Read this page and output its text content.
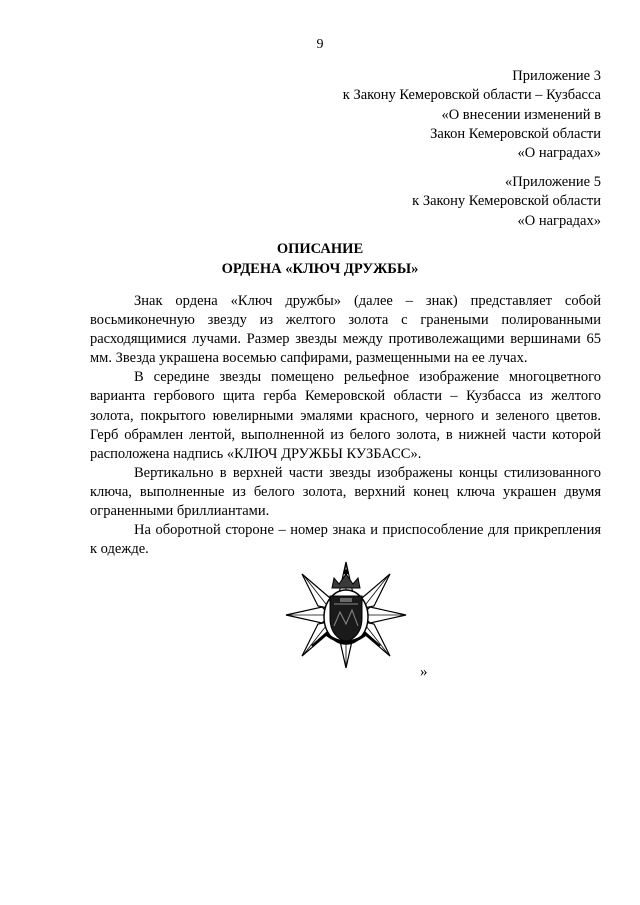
9
Приложение 3
к Закону Кемеровской области – Кузбасса
«О внесении изменений в
Закон Кемеровской области
«О наградах»
«Приложение 5
к Закону Кемеровской области
«О наградах»
ОПИСАНИЕ
ОРДЕНА «КЛЮЧ ДРУЖБЫ»

Знак ордена «Ключ дружбы» (далее – знак) представляет собой восьмиконечную звезду из желтого золота с гранеными полированными расходящимися лучами. Размер звезды между противолежащими вершинами 65 мм. Звезда украшена восемью сапфирами, размещенными на ее лучах.

В середине звезды помещено рельефное изображение многоцветного варианта гербового щита герба Кемеровской области – Кузбасса из желтого золота, покрытого ювелирными эмалями красного, черного и зеленого цветов. Герб обрамлен лентой, выполненной из белого золота, в нижней части которой расположена надпись «КЛЮЧ ДРУЖБЫ КУЗБАСС».

Вертикально в верхней части звезды изображены концы стилизованного ключа, выполненные из белого золота, верхний конец ключа украшен двумя ограненными бриллиантами.

На оборотной стороне – номер знака и приспособление для прикрепления к одежде.

»
